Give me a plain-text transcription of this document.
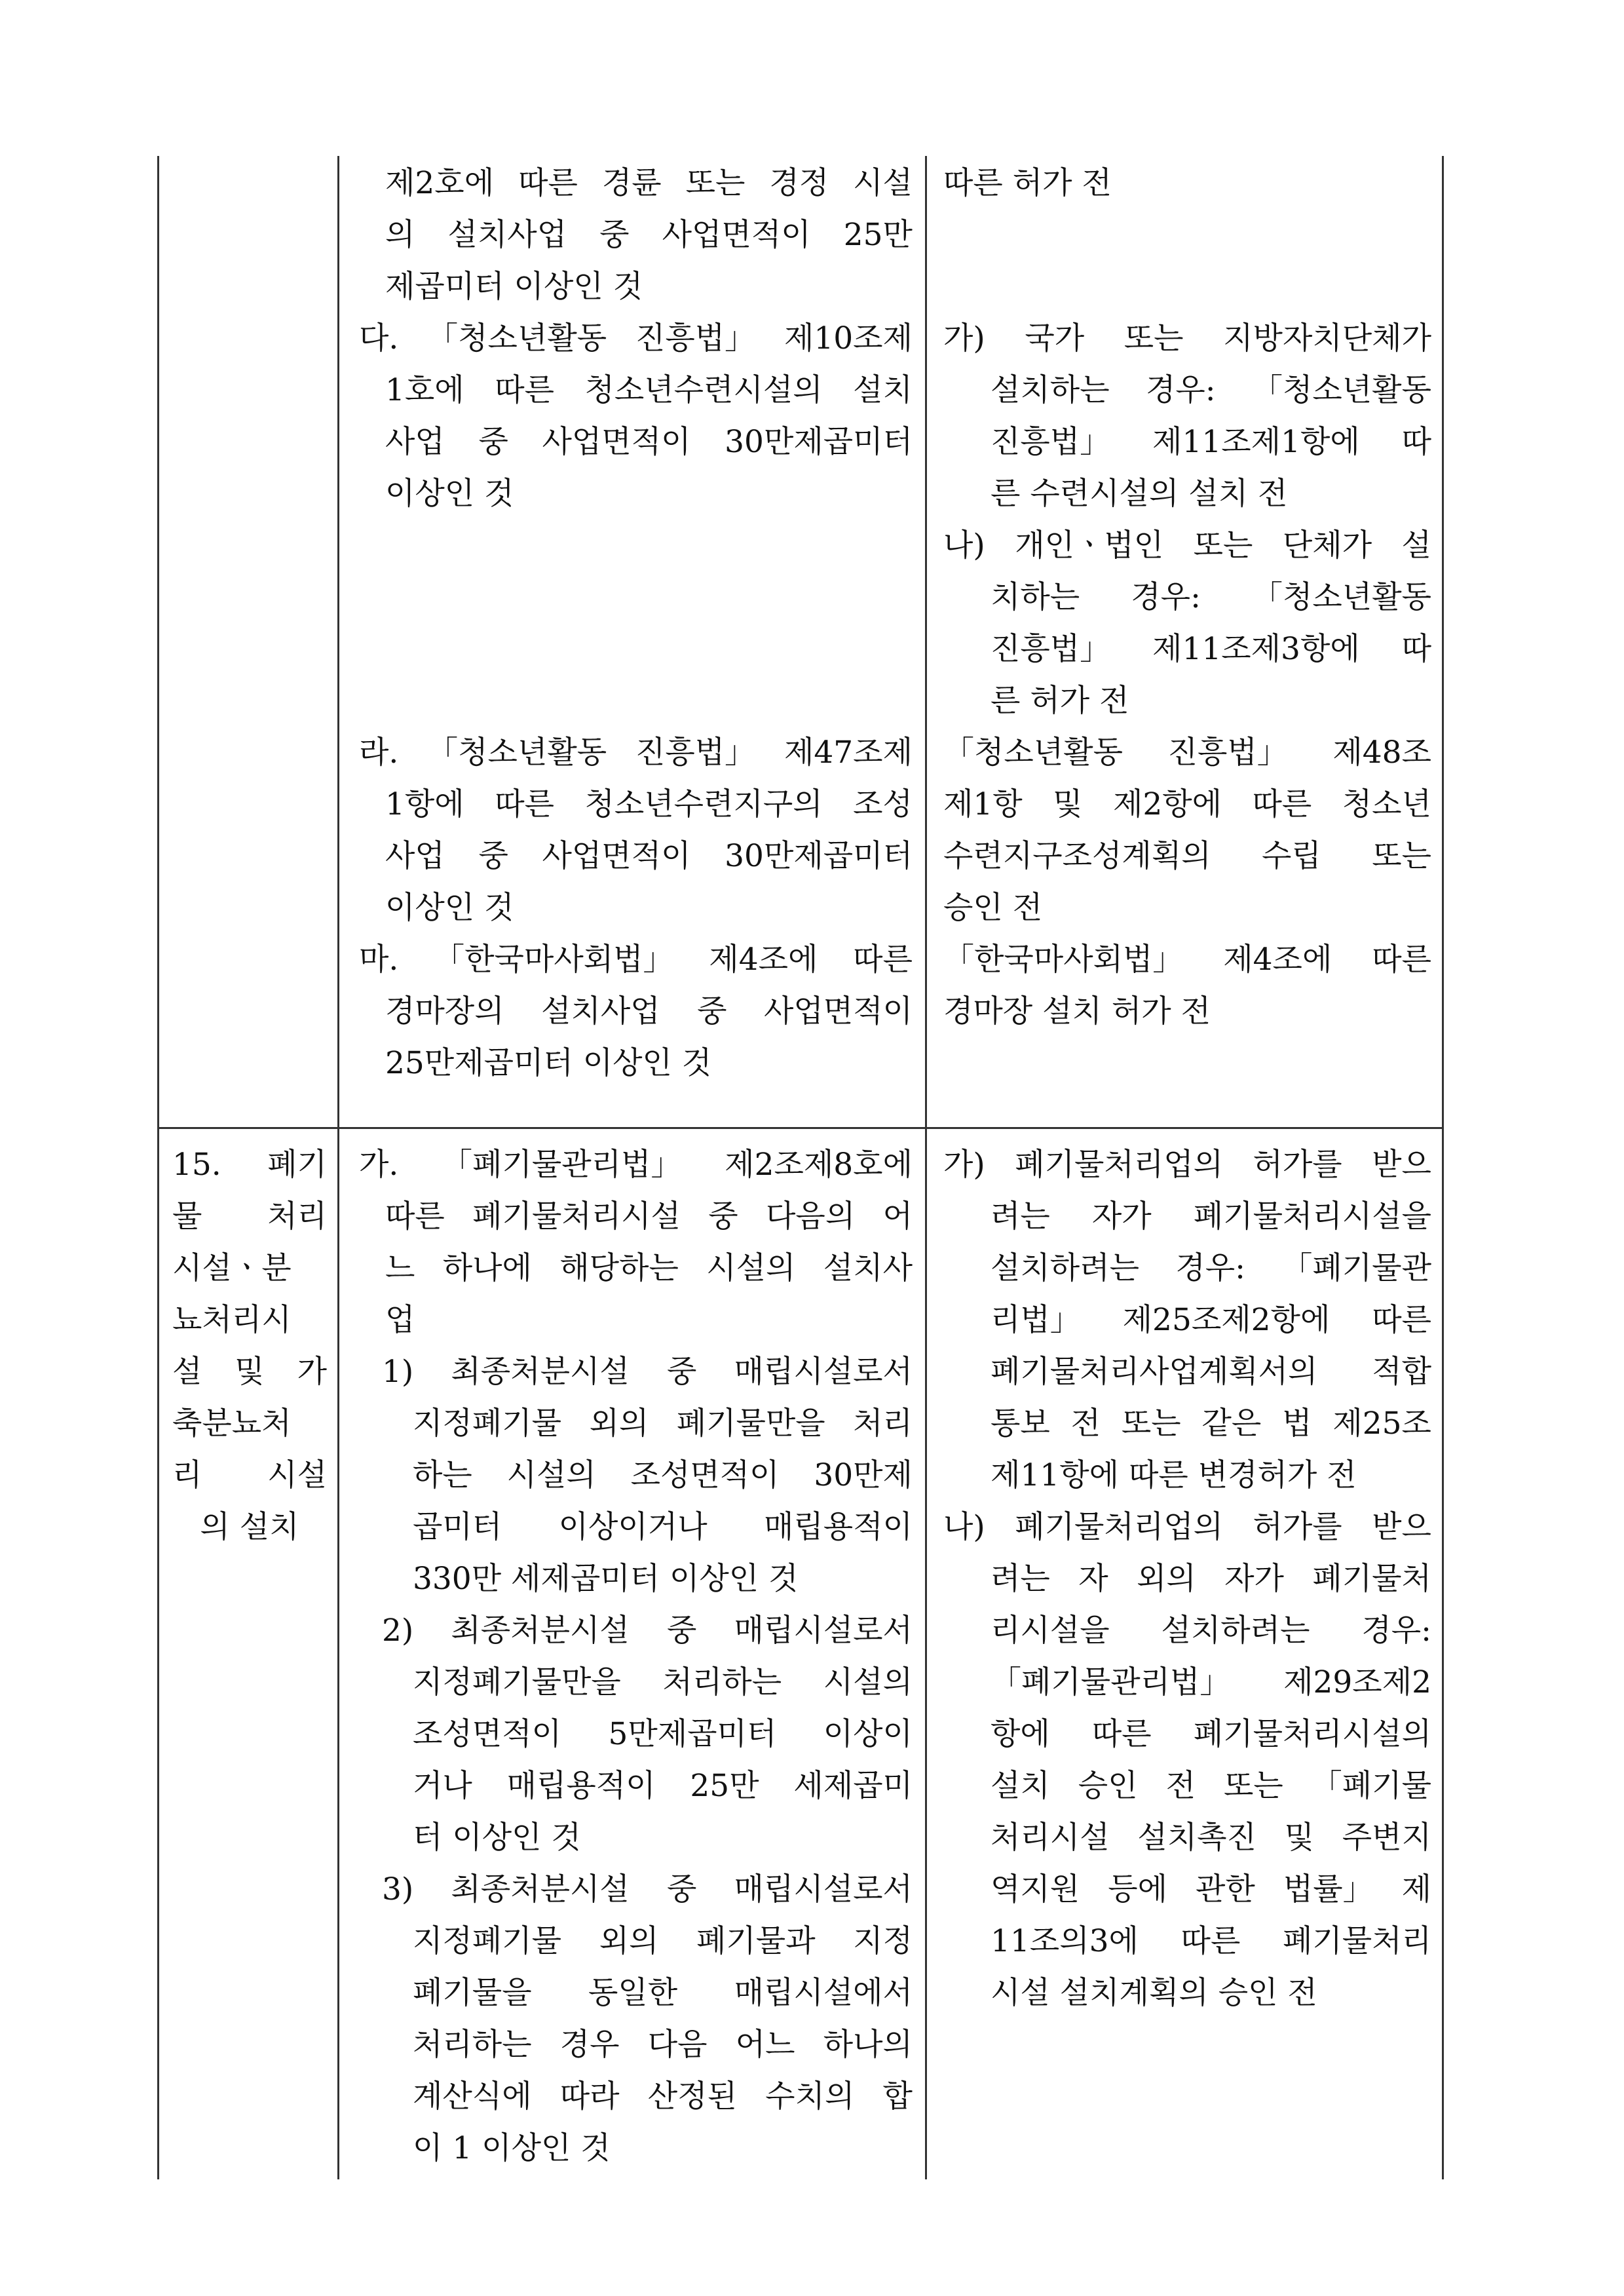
제2호에 따른 경륜 또는 경정 시설
의 설치사업 중 사업면적이 25만
제곱미터 이상인 것
다. 「청소년활동 진흥법」 제10조제
1호에 따른 청소년수련시설의 설치
사업 중 사업면적이 30만제곱미터
이상인 것
라. 「청소년활동 진흥법」 제47조제
1항에 따른 청소년수련지구의 조성
사업 중 사업면적이 30만제곱미터
이상인 것
마. 「한국마사회법」 제4조에 따른
경마장의 설치사업 중 사업면적이
25만제곱미터 이상인 것
따른 허가 전
가) 국가 또는 지방자치단체가
설치하는 경우: 「청소년활동
진흥법」 제11조제1항에 따
른 수련시설의 설치 전
나) 개인ㆍ법인 또는 단체가 설
치하는 경우: 「청소년활동
진흥법」 제11조제3항에 따
른 허가 전
「청소년활동 진흥법」 제48조
제1항 및 제2항에 따른 청소년
수련지구조성계획의 수립 또는
승인 전
「한국마사회법」 제4조에 따른
경마장 설치 허가 전
15. 폐기
물 처리
시설ㆍ분
뇨처리시
설 및 가
축분뇨처
리 시설
의 설치
가. 「폐기물관리법」 제2조제8호에
따른 폐기물처리시설 중 다음의 어
느 하나에 해당하는 시설의 설치사
업
1) 최종처분시설 중 매립시설로서
지정폐기물 외의 폐기물만을 처리
하는 시설의 조성면적이 30만제
곱미터 이상이거나 매립용적이
330만 세제곱미터 이상인 것
2) 최종처분시설 중 매립시설로서
지정폐기물만을 처리하는 시설의
조성면적이 5만제곱미터 이상이
거나 매립용적이 25만 세제곱미
터 이상인 것
3) 최종처분시설 중 매립시설로서
지정폐기물 외의 폐기물과 지정
폐기물을 동일한 매립시설에서
처리하는 경우 다음 어느 하나의
계산식에 따라 산정된 수치의 합
이 1 이상인 것
가) 폐기물처리업의 허가를 받으
려는 자가 폐기물처리시설을
설치하려는 경우: 「폐기물관
리법」 제25조제2항에 따른
폐기물처리사업계획서의 적합
통보 전 또는 같은 법 제25조
제11항에 따른 변경허가 전
나) 폐기물처리업의 허가를 받으
려는 자 외의 자가 폐기물처
리시설을 설치하려는 경우:
「폐기물관리법」 제29조제2
항에 따른 폐기물처리시설의
설치 승인 전 또는 「폐기물
처리시설 설치촉진 및 주변지
역지원 등에 관한 법률」 제
11조의3에 따른 폐기물처리
시설 설치계획의 승인 전
